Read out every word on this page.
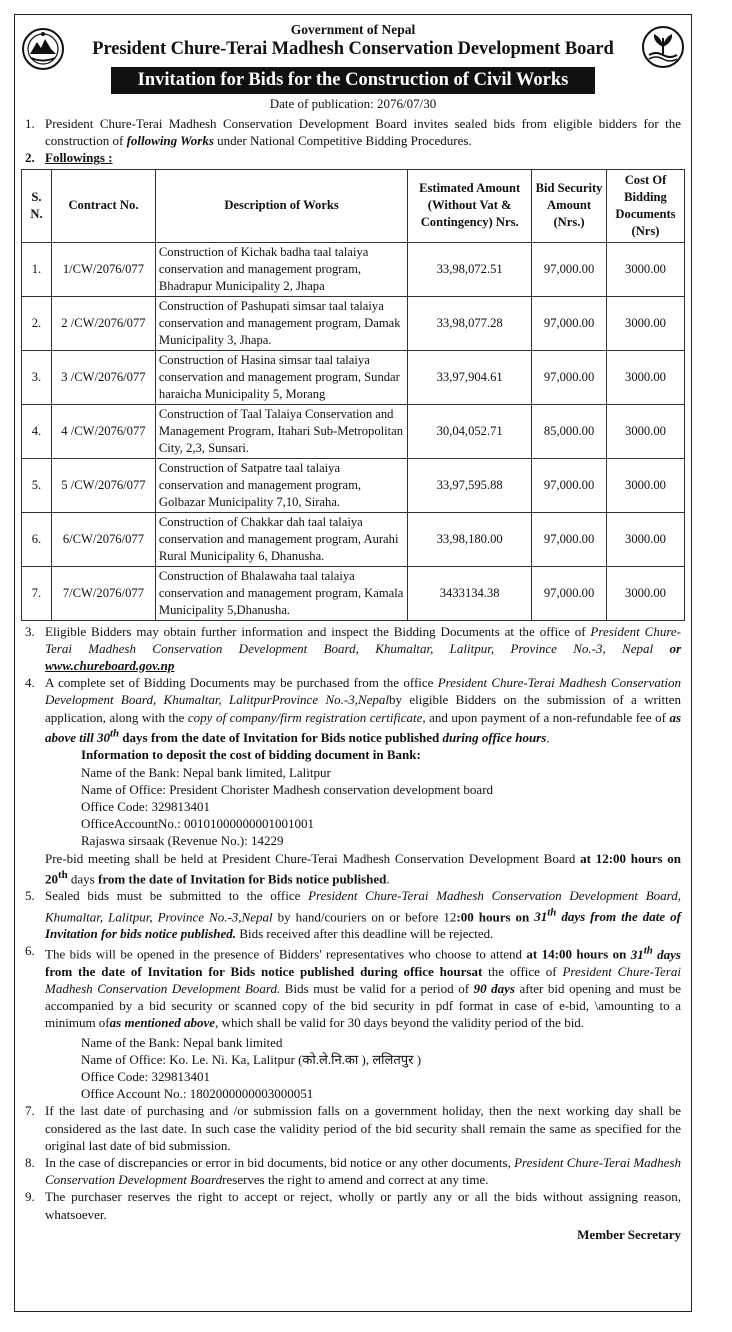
Government of Nepal
President Chure-Terai Madhesh Conservation Development Board
Invitation for Bids for the Construction of Civil Works
Date of publication: 2076/07/30
1. President Chure-Terai Madhesh Conservation Development Board invites sealed bids from eligible bidders for the construction of following Works under National Competitive Bidding Procedures.
2. Followings :
S. N.	Contract No.	Description of Works	Estimated Amount (Without Vat & Contingency) Nrs.	Bid Security Amount (Nrs.)	Cost Of Bidding Documents (Nrs)
1.	1/CW/2076/077	Construction of Kichak badha taal talaiya conservation and management program, Bhadrapur Municipality 2, Jhapa	33,98,072.51	97,000.00	3000.00
2.	2 /CW/2076/077	Construction of Pashupati simsar taal talaiya conservation and management program, Damak Municipality 3, Jhapa.	33,98,077.28	97,000.00	3000.00
3.	3 /CW/2076/077	Construction of Hasina simsar taal talaiya conservation and management program, Sundar haraicha Municipality 5, Morang	33,97,904.61	97,000.00	3000.00
4.	4 /CW/2076/077	Construction of Taal Talaiya Conservation and Management Program, Itahari Sub-Metropolitan City, 2,3, Sunsari.	30,04,052.71	85,000.00	3000.00
5.	5 /CW/2076/077	Construction of Satpatre taal talaiya conservation and management program, Golbazar Municipality 7,10, Siraha.	33,97,595.88	97,000.00	3000.00
6.	6/CW/2076/077	Construction of Chakkar dah taal talaiya conservation and management program, Aurahi Rural Municipality 6, Dhanusha.	33,98,180.00	97,000.00	3000.00
7.	7/CW/2076/077	Construction of Bhalawaha taal talaiya conservation and management program, Kamala Municipality 5,Dhanusha.	3433134.38	97,000.00	3000.00
3. Eligible Bidders may obtain further information and inspect the Bidding Documents at the office of President Chure-Terai Madhesh Conservation Development Board, Khumaltar, Lalitpur, Province No.-3, Nepal or www.chureboard.gov.np
4. A complete set of Bidding Documents may be purchased from the office President Chure-Terai Madhesh Conservation Development Board, Khumaltar, LalitpurProvince No.-3,Nepalby eligible Bidders on the submission of a written application, along with the copy of company/firm registration certificate, and upon payment of a non-refundable fee of as above till 30th days from the date of Invitation for Bids notice published during office hours.
Information to deposit the cost of bidding document in Bank:
Name of the Bank: Nepal bank limited, Lalitpur
Name of Office: President Chorister Madhesh conservation development board
Office Code: 329813401
OfficeAccountNo.: 00101000000001001001
Rajaswa sirsaak (Revenue No.): 14229
Pre-bid meeting shall be held at President Chure-Terai Madhesh Conservation Development Board at 12:00 hours on 20th days from the date of Invitation for Bids notice published.
5. Sealed bids must be submitted to the office President Chure-Terai Madhesh Conservation Development Board, Khumaltar, Lalitpur, Province No.-3,Nepal by hand/couriers on or before 12:00 hours on 31th days from the date of Invitation for bids notice published. Bids received after this deadline will be rejected.
6. The bids will be opened in the presence of Bidders' representatives who choose to attend at 14:00 hours on 31th days from the date of Invitation for Bids notice published during office hoursat the office of President Chure-Terai Madhesh Conservation Development Board. Bids must be valid for a period of 90 days after bid opening and must be accompanied by a bid security or scanned copy of the bid security in pdf format in case of e-bid, \amounting to a minimum ofas mentioned above, which shall be valid for 30 days beyond the validity period of the bid.
Name of the Bank: Nepal bank limited
Name of Office: Ko. Le. Ni. Ka, Lalitpur (को.ले.नि.का ), ललितपुर )
Office Code: 329813401
Office Account No.: 1802000000003000051
7. If the last date of purchasing and /or submission falls on a government holiday, then the next working day shall be considered as the last date. In such case the validity period of the bid security shall remain the same as specified for the original last date of bid submission.
8. In the case of discrepancies or error in bid documents, bid notice or any other documents, President Chure-Terai Madhesh Conservation Development Boardreserves the right to amend and correct at any time.
9. The purchaser reserves the right to accept or reject, wholly or partly any or all the bids without assigning reason, whatsoever.
Member Secretary
